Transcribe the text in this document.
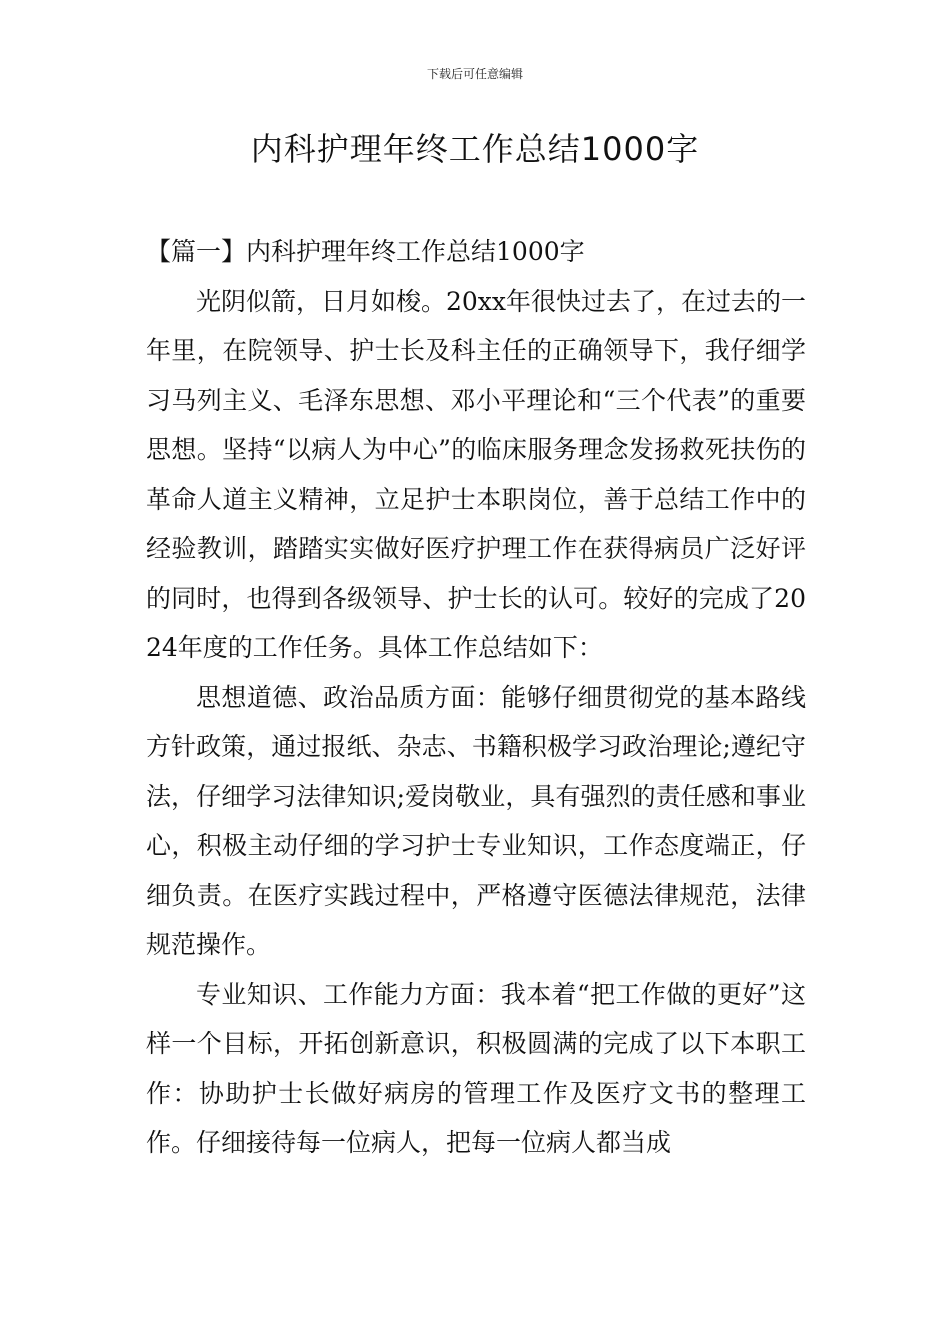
下载后可任意编辑
内科护理年终工作总结1000字

【篇一】内科护理年终工作总结1000字

光阴似箭，日月如梭。20xx年很快过去了，在过去的一年里，在院领导、护士长及科主任的正确领导下，我仔细学习马列主义、毛泽东思想、邓小平理论和“三个代表”的重要思想。坚持“以病人为中心”的临床服务理念发扬救死扶伤的革命人道主义精神，立足护士本职岗位，善于总结工作中的经验教训，踏踏实实做好医疗护理工作在获得病员广泛好评的同时，也得到各级领导、护士长的认可。较好的完成了2024年度的工作任务。具体工作总结如下：

思想道德、政治品质方面：能够仔细贯彻党的基本路线方针政策，通过报纸、杂志、书籍积极学习政治理论;遵纪守法，仔细学习法律知识;爱岗敬业，具有强烈的责任感和事业心，积极主动仔细的学习护士专业知识，工作态度端正，仔细负责。在医疗实践过程中，严格遵守医德法律规范，法律规范操作。

专业知识、工作能力方面：我本着“把工作做的更好”这样一个目标，开拓创新意识，积极圆满的完成了以下本职工作：协助护士长做好病房的管理工作及医疗文书的整理工作。仔细接待每一位病人，把每一位病人都当成
